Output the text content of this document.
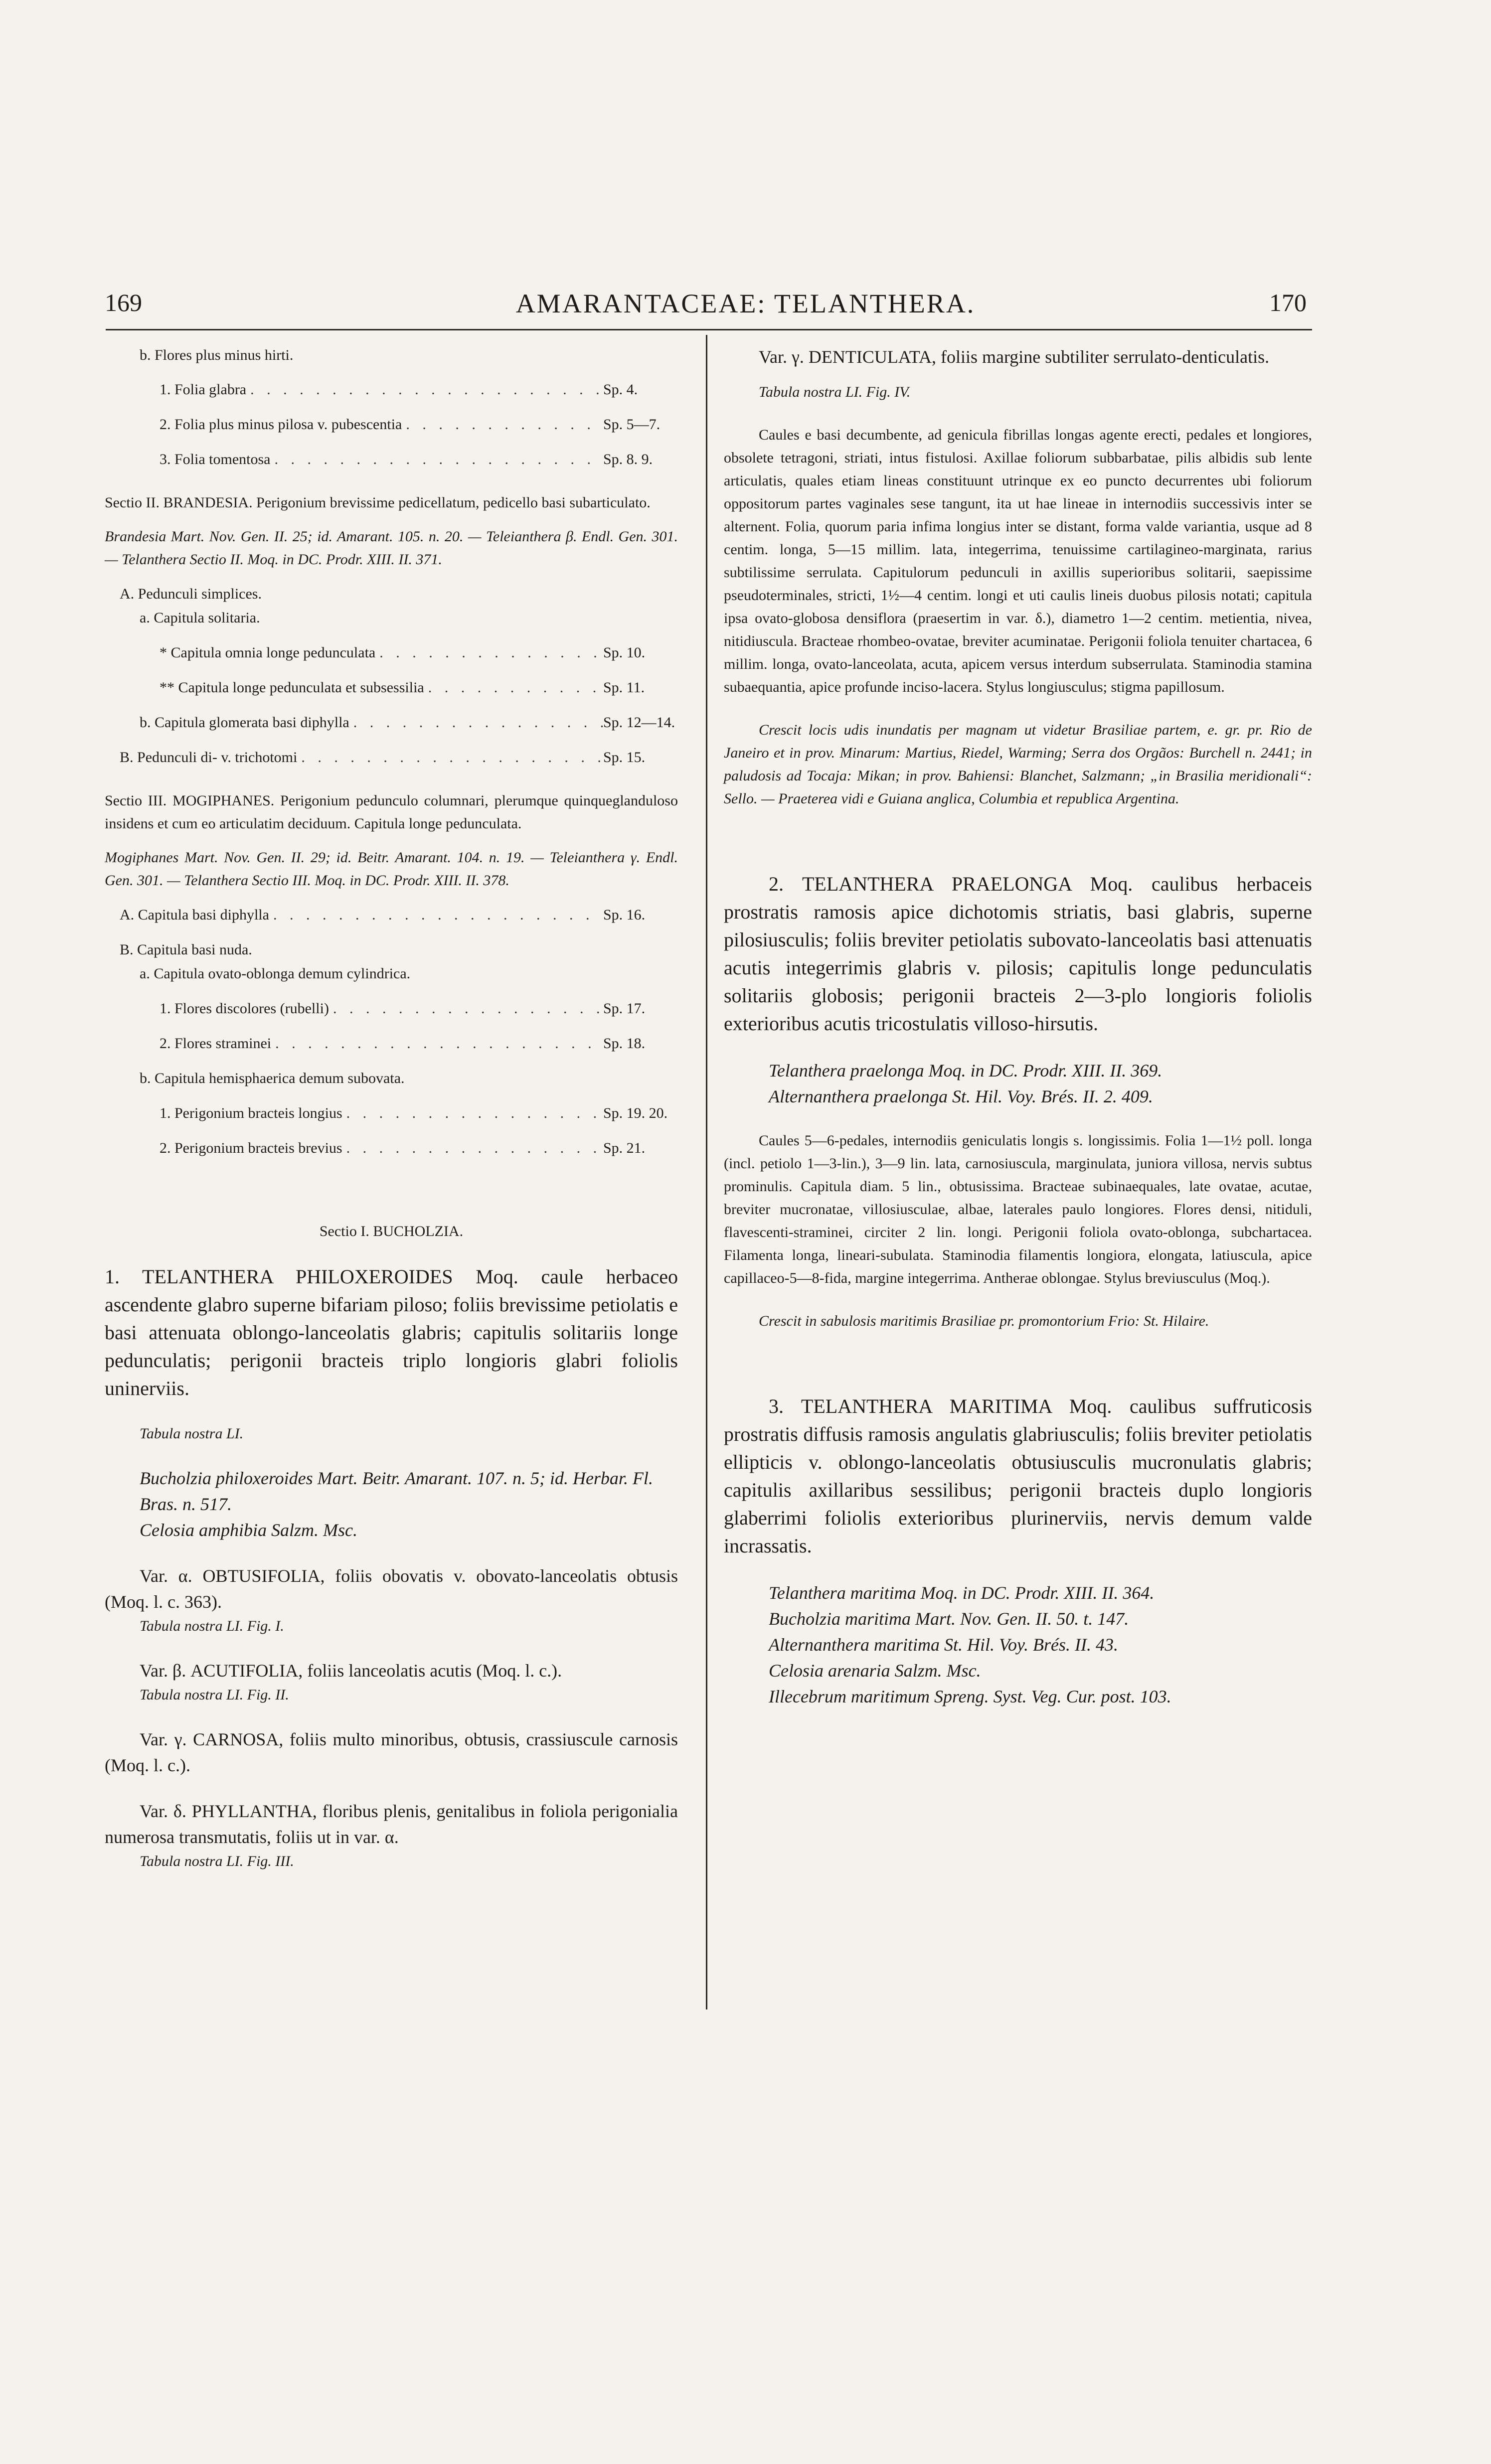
169	AMARANTACEAE: TELANTHERA.	170
b. Flores plus minus hirti.
1. Folia glabra . . .	Sp. 4.
2. Folia plus minus pilosa v. pubescentia . . .	Sp. 5—7.
3. Folia tomentosa . . .	Sp. 8. 9.

Sectio II. BRANDESIA. Perigonium brevissime pedicellatum, pedicello basi subarticulato.

Brandesia Mart. Nov. Gen. II. 25; id. Amarant. 105. n. 20. — Teleianthera β. Endl. Gen. 301. — Telanthera Sectio II. Moq. in DC. Prodr. XIII. II. 371.

A. Pedunculi simplices.
a. Capitula solitaria.
* Capitula omnia longe pedunculata . . .	Sp. 10.
** Capitula longe pedunculata et subsessilia . . .	Sp. 11.
b. Capitula glomerata basi diphylla . . .	Sp. 12—14.
B. Pedunculi di- v. trichotomi . . .	Sp. 15.

Sectio III. MOGIPHANES. Perigonium pedunculo columnari, plerumque quinqueglanduloso insidens et cum eo articulatim deciduum. Capitula longe pedunculata.

Mogiphanes Mart. Nov. Gen. II. 29; id. Beitr. Amarant. 104. n. 19. — Teleianthera γ. Endl. Gen. 301. — Telanthera Sectio III. Moq. in DC. Prodr. XIII. II. 378.

A. Capitula basi diphylla . . .	Sp. 16.
B. Capitula basi nuda.
a. Capitula ovato-oblonga demum cylindrica.
1. Flores discolores (rubelli) . . .	Sp. 17.
2. Flores straminei . . .	Sp. 18.
b. Capitula hemisphaerica demum subovata.
1. Perigonium bracteis longius . . .	Sp. 19. 20.
2. Perigonium bracteis brevius . . .	Sp. 21.
Sectio I. BUCHOLZIA.

1. TELANTHERA PHILOXEROIDES Moq. caule herbaceo ascendente glabro superne bifariam piloso; foliis brevissime petiolatis e basi attenuata oblongo-lanceolatis glabris; capitulis solitariis longe pedunculatis; perigonii bracteis triplo longioris glabri foliolis uninerviis.

Tabula nostra LI.

Bucholzia philoxeroides Mart. Beitr. Amarant. 107. n. 5; id. Herbar. Fl. Bras. n. 517.

Celosia amphibia Salzm. Msc.

Var. α. OBTUSIFOLIA, foliis obovatis v. obovato-lanceolatis obtusis (Moq. l. c. 363).

Tabula nostra LI. Fig. I.

Var. β. ACUTIFOLIA, foliis lanceolatis acutis (Moq. l. c.).

Tabula nostra LI. Fig. II.

Var. γ. CARNOSA, foliis multo minoribus, obtusis, crassiuscule carnosis (Moq. l. c.).

Var. δ. PHYLLANTHA, floribus plenis, genitalibus in foliola perigonialia numerosa transmutatis, foliis ut in var. α.

Tabula nostra LI. Fig. III.

Var. γ. DENTICULATA, foliis margine subtiliter serrulato-denticulatis.

Tabula nostra LI. Fig. IV.

Caules e basi decumbente, ad genicula fibrillas longas agente erecti, pedales et longiores, obsolete tetragoni, striati, intus fistulosi. Axillae foliorum subbarbatae, pilis albidis sub lente articulatis, quales etiam lineas constituunt utrinque ex eo puncto decurrentes ubi foliorum oppositorum partes vaginales sese tangunt, ita ut hae lineae in internodiis successivis inter se alternent. Folia, quorum paria infima longius inter se distant, forma valde variantia, usque ad 8 centim. longa, 5—15 millim. lata, integerrima, tenuissime cartilagineo-marginata, rarius subtilissime serrulata. Capitulorum pedunculi in axillis superioribus solitarii, saepissime pseudoterminales, stricti, 1½—4 centim. longi et uti caulis lineis duobus pilosis notati; capitula ipsa ovato-globosa densiflora (praesertim in var. δ.), diametro 1—2 centim. metientia, nivea, nitidiuscula. Bracteae rhombeo-ovatae, breviter acuminatae. Perigonii foliola tenuiter chartacea, 6 millim. longa, ovato-lanceolata, acuta, apicem versus interdum subserrulata. Staminodia stamina subaequantia, apice profunde inciso-lacera. Stylus longiusculus; stigma papillosum.

Crescit locis udis inundatis per magnam ut videtur Brasiliae partem, e. gr. pr. Rio de Janeiro et in prov. Minarum: Martius, Riedel, Warming; Serra dos Orgãos: Burchell n. 2441; in paludosis ad Tocaja: Mikan; in prov. Bahiensi: Blanchet, Salzmann; „in Brasilia meridionali“: Sello. — Praeterea vidi e Guiana anglica, Columbia et republica Argentina.

2. TELANTHERA PRAELONGA Moq. caulibus herbaceis prostratis ramosis apice dichotomis striatis, basi glabris, superne pilosiusculis; foliis breviter petiolatis subovato-lanceolatis basi attenuatis acutis integerrimis glabris v. pilosis; capitulis longe pedunculatis solitariis globosis; perigonii bracteis 2—3-plo longioris foliolis exterioribus acutis tricostulatis villoso-hirsutis.

Telanthera praelonga Moq. in DC. Prodr. XIII. II. 369.

Alternanthera praelonga St. Hil. Voy. Brés. II. 2. 409.

Caules 5—6-pedales, internodiis geniculatis longis s. longissimis. Folia 1—1½ poll. longa (incl. petiolo 1—3-lin.), 3—9 lin. lata, carnosiuscula, marginulata, juniora villosa, nervis subtus prominulis. Capitula diam. 5 lin., obtusissima. Bracteae subinaequales, late ovatae, acutae, breviter mucronatae, villosiusculae, albae, laterales paulo longiores. Flores densi, nitiduli, flavescenti-straminei, circiter 2 lin. longi. Perigonii foliola ovato-oblonga, subchartacea. Filamenta longa, lineari-subulata. Staminodia filamentis longiora, elongata, latiuscula, apice capillaceo-5—8-fida, margine integerrima. Antherae oblongae. Stylus breviusculus (Moq.).

Crescit in sabulosis maritimis Brasiliae pr. promontorium Frio: St. Hilaire.

3. TELANTHERA MARITIMA Moq. caulibus suffruticosis prostratis diffusis ramosis angulatis glabriusculis; foliis breviter petiolatis ellipticis v. oblongo-lanceolatis obtusiusculis mucronulatis glabris; capitulis axillaribus sessilibus; perigonii bracteis duplo longioris glaberrimi foliolis exterioribus plurinerviis, nervis demum valde incrassatis.

Telanthera maritima Moq. in DC. Prodr. XIII. II. 364.

Bucholzia maritima Mart. Nov. Gen. II. 50. t. 147.

Alternanthera maritima St. Hil. Voy. Brés. II. 43.

Celosia arenaria Salzm. Msc.

Illecebrum maritimum Spreng. Syst. Veg. Cur. post. 103.
